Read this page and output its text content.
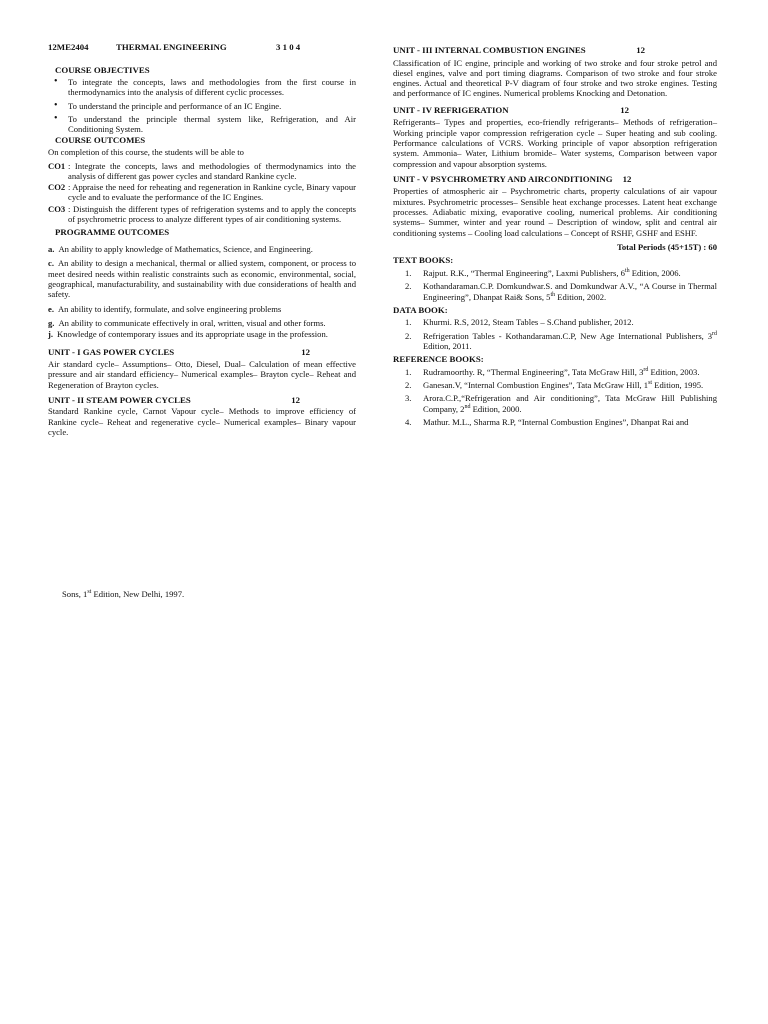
12ME2404	THERMAL ENGINEERING	3 1 0 4
COURSE OBJECTIVES
• To integrate the concepts, laws and methodologies from the first course in thermodynamics into the analysis of different cyclic processes.
• To understand the principle and performance of an IC Engine.
• To understand the principle thermal system like, Refrigeration, and Air Conditioning System.
COURSE OUTCOMES

On completion of this course, the students will be able to

CO1 : Integrate the concepts, laws and methodologies of thermodynamics into the analysis of different gas power cycles and standard Rankine cycle.
CO2 : Appraise the need for reheating and regeneration in Rankine cycle, Binary vapour cycle and to evaluate the performance of the IC Engines.
CO3 : Distinguish the different types of refrigeration systems and to apply the concepts of psychrometric process to analyze different types of air conditioning systems.
PROGRAMME OUTCOMES
a. An ability to apply knowledge of Mathematics, Science, and Engineering.
c. An ability to design a mechanical, thermal or allied system, component, or process to meet desired needs within realistic constraints such as economic, environmental, social, geographical, manufacturability, and sustainability with due considerations of health and safety.
e. An ability to identify, formulate, and solve engineering problems
g. An ability to communicate effectively in oral, written, visual and other forms.
j. Knowledge of contemporary issues and its appropriate usage in the profession.
UNIT - I GAS POWER CYCLES	12

Air standard cycle– Assumptions– Otto, Diesel, Dual– Calculation of mean effective pressure and air standard efficiency– Numerical examples– Brayton cycle– Reheat and Regeneration of Brayton cycles.

UNIT - II STEAM POWER CYCLES	12

Standard Rankine cycle, Carnot Vapour cycle– Methods to improve efficiency of Rankine cycle– Reheat and regenerative cycle– Numerical examples– Binary vapour cycle.

UNIT - III INTERNAL COMBUSTION ENGINES	12

Classification of IC engine, principle and working of two stroke and four stroke petrol and diesel engines, valve and port timing diagrams. Comparison of two stroke and four stroke engines. Actual and theoretical P-V diagram of four stroke and two stroke engines. Testing and performance of IC engines. Numerical problems Knocking and Detonation.

UNIT - IV REFRIGERATION	12

Refrigerants– Types and properties, eco-friendly refrigerants– Methods of refrigeration– Working principle vapor compression refrigeration cycle – Super heating and sub cooling. Performance calculations of VCRS. Working principle of vapor absorption refrigeration system. Ammonia– Water, Lithium bromide– Water systems, Comparison between vapor compression and vapour absorption systems.

UNIT - V PSYCHROMETRY AND AIRCONDITIONING 12

Properties of atmospheric air – Psychrometric charts, property calculations of air vapour mixtures. Psychrometric processes– Sensible heat exchange processes. Latent heat exchange processes. Adiabatic mixing, evaporative cooling, numerical problems. Air conditioning systems– Summer, winter and year round – Description of window, split and central air conditioning systems – Cooling load calculations – Concept of RSHF, GSHF and ESHF.

Total Periods (45+15T) : 60
TEXT BOOKS:
1.	Rajput. R.K., “Thermal Engineering”, Laxmi Publishers, 6th Edition, 2006.
2.	Kothandaraman.C.P. Domkundwar.S. and Domkundwar A.V., “A Course in Thermal Engineering”, Dhanpat Rai& Sons, 5th Edition, 2002.
DATA BOOK:
1.	Khurmi. R.S, 2012, Steam Tables – S.Chand publisher, 2012.
2.	Refrigeration Tables - Kothandaraman.C.P, New Age International Publishers, 3rd Edition, 2011.
REFERENCE BOOKS:
1.	Rudramoorthy. R, “Thermal Engineering”, Tata McGraw Hill, 3rd Edition, 2003.
2.	Ganesan.V, “Internal Combustion Engines”, Tata McGraw Hill, 1st Edition, 1995.
3.	Arora.C.P.,“Refrigeration and Air conditioning”, Tata McGraw Hill Publishing Company, 2nd Edition, 2000.
4.	Mathur. M.L., Sharma R.P, “Internal Combustion Engines”, Dhanpat Rai and
Sons, 1st Edition, New Delhi, 1997.
